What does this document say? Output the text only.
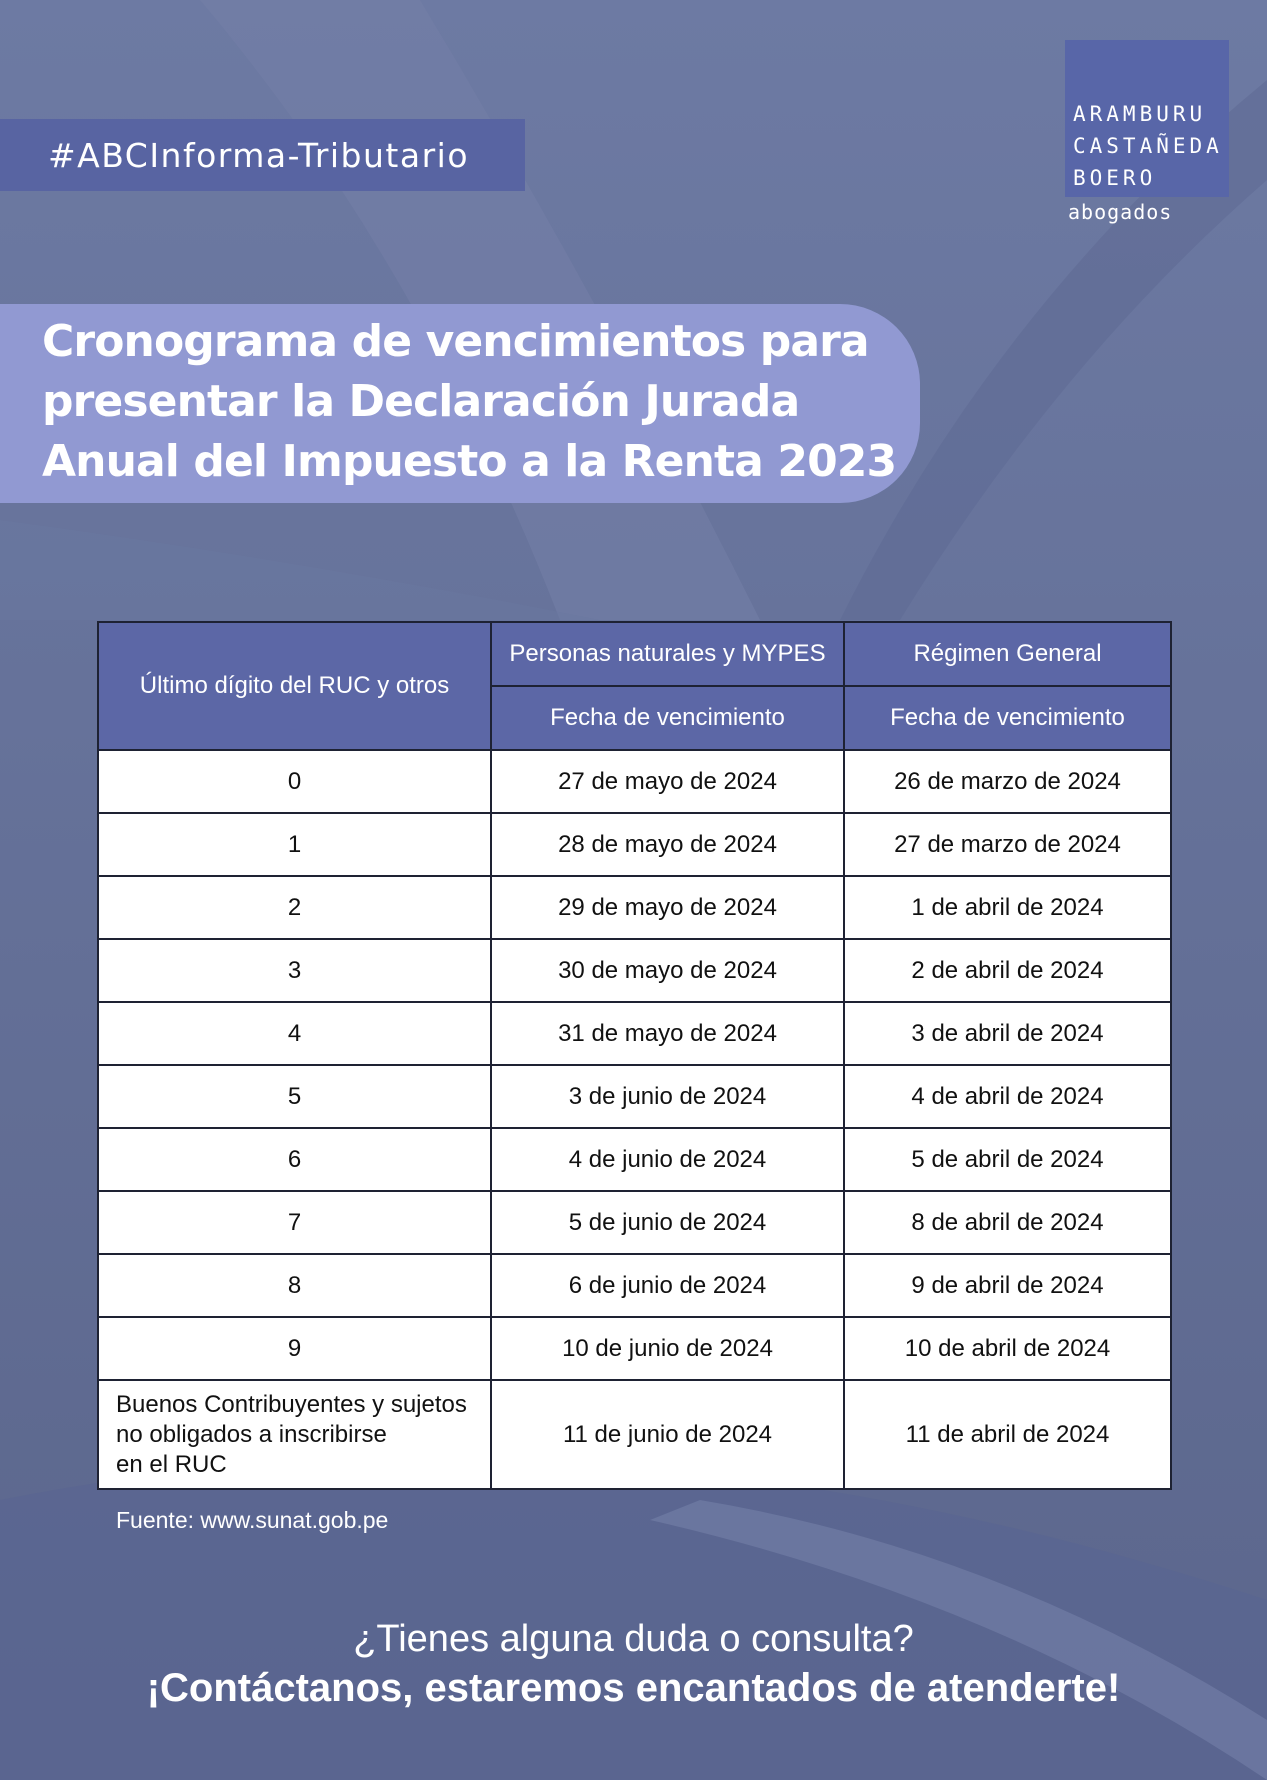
#ABCInforma-Tributario
ARAMBURU
CASTAÑEDA
BOERO
abogados
Cronograma de vencimientos para
presentar la Declaración Jurada
Anual del Impuesto a la Renta 2023
Último dígito del RUC y otros	Personas naturales y MYPES	Régimen General
	Fecha de vencimiento	Fecha de vencimiento
0	27 de mayo de 2024	26 de marzo de 2024
1	28 de mayo de 2024	27 de marzo de 2024
2	29 de mayo de 2024	1 de abril de 2024
3	30 de mayo de 2024	2 de abril de 2024
4	31 de mayo de 2024	3 de abril de 2024
5	3 de junio de 2024	4 de abril de 2024
6	4 de junio de 2024	5 de abril de 2024
7	5 de junio de 2024	8 de abril de 2024
8	6 de junio de 2024	9 de abril de 2024
9	10 de junio de 2024	10 de abril de 2024

Buenos Contribuyentes y sujetos
no obligados a inscribirse
en el RUC	11 de junio de 2024	11 de abril de 2024
Fuente: www.sunat.gob.pe
¿Tienes alguna duda o consulta?
¡Contáctanos, estaremos encantados de atenderte!
